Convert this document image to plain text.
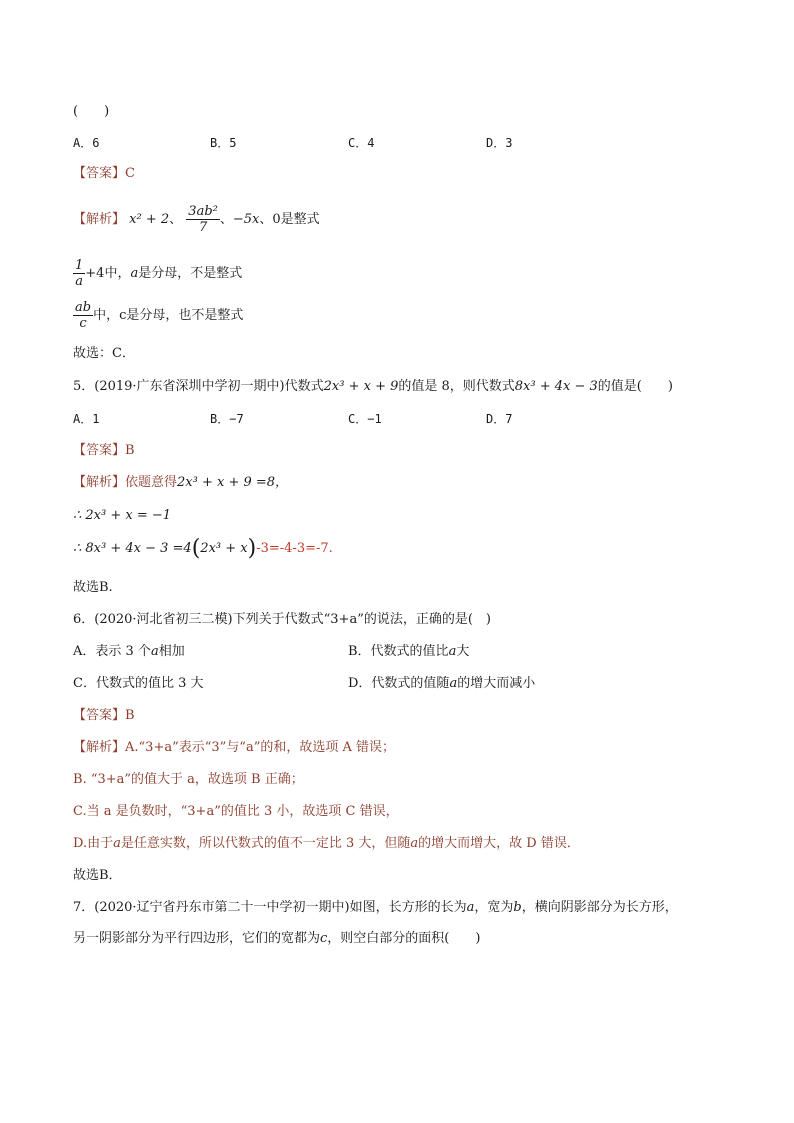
(　　)
A．6	B．5	C．4	D．3
【答案】C
【解析】 x² + 2、 $\frac{\text{3ab²}}{7}$ 、−5x、0是整式
$\frac{1}{a} +4$中，a是分母，不是整式
$\frac{ab}{c}$ 中，c是分母，也不是整式
故选：C．
5．(2019·广东省深圳中学初一期中)代数式2x³ + x + 9的值是 8，则代数式8x³ + 4x − 3的值是(　　)
A．1	B．−7	C．−1	D．7
【答案】B
【解析】依题意得2x³ + x + 9 =8，
∴ 2x³ + x = −1
∴ 8x³ + 4x − 3 =4(2x³ + x)-3=-4-3=-7.
故选B.
6．(2020·河北省初三二模)下列关于代数式“3+a”的说法，正确的是(　)
A．表示 3 个a相加	B．代数式的值比a大
C．代数式的值比 3 大	D．代数式的值随a的增大而减小
【答案】B
【解析】A.“3+a”表示“3”与“a”的和，故选项 A 错误；
B. “3+a”的值大于 a，故选项 B 正确；
C.当 a 是负数时，“3+a”的值比 3 小，故选项 C 错误，
D.由于a是任意实数，所以代数式的值不一定比 3 大，但随a的增大而增大，故 D 错误．
故选B．
7．(2020·辽宁省丹东市第二十一中学初一期中)如图，长方形的长为a，宽为b，横向阴影部分为长方形，
另一阴影部分为平行四边形，它们的宽都为c，则空白部分的面积(　　)
